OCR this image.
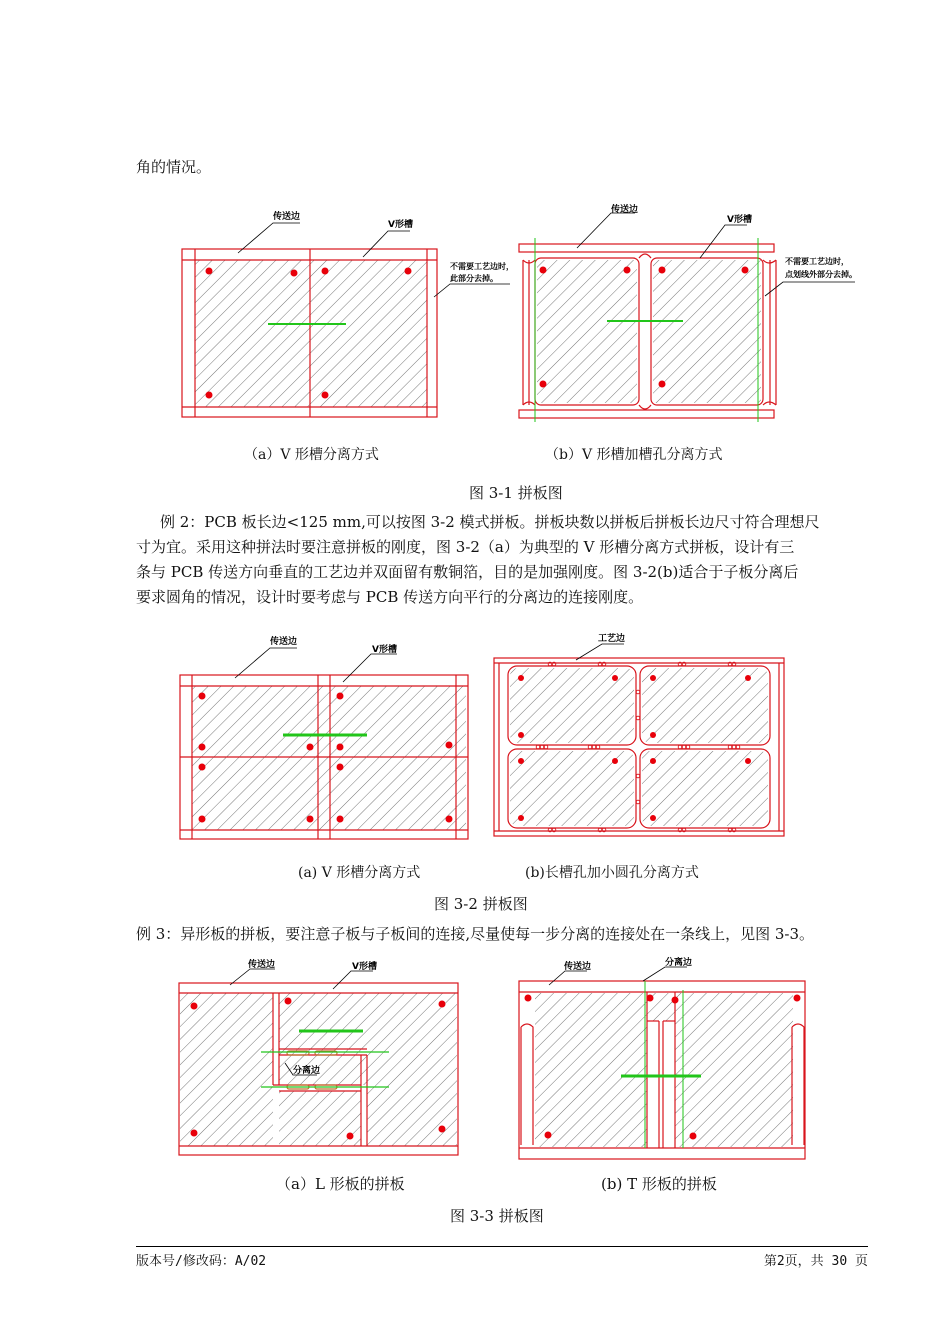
角的情况。
传送边
V形槽
不需要工艺边时，
此部分去掉。
传送边
V形槽
不需要工艺边时，
点划线外部分去掉。
（a）V 形槽分离方式	（b）V 形槽加槽孔分离方式
图 3-1 拼板图
例 2：PCB 板长边<125 mm,可以按图 3-2 模式拼板。拼板块数以拼板后拼板长边尺寸符合理想尺
寸为宜。采用这种拼法时要注意拼板的刚度，图 3-2（a）为典型的 V 形槽分离方式拼板，设计有三
条与 PCB 传送方向垂直的工艺边并双面留有敷铜箔，目的是加强刚度。图 3-2(b)适合于子板分离后
要求圆角的情况，设计时要考虑与 PCB 传送方向平行的分离边的连接刚度。
传送边
V形槽
工艺边
(a) V 形槽分离方式	(b)长槽孔加小圆孔分离方式
图 3-2 拼板图
例 3：异形板的拼板，要注意子板与子板间的连接,尽量使每一步分离的连接处在一条线上，见图 3-3。
传送边	V形槽
分离边
传送边	分离边
（a）L 形板的拼板	(b) T 形板的拼板
图 3-3 拼板图
版本号/修改码：A/02	第2页，共 30 页
